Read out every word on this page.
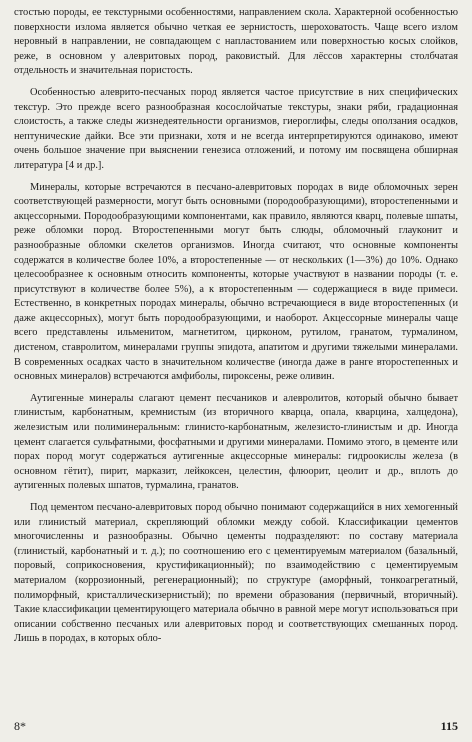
стостью породы, ее текстурными особенностями, направлением скола. Характерной особенностью поверхности излома является обычно четкая ее зернистость, шероховатость. Чаще всего излом неровный в направлении, не совпадающем с напластованием или поверхностью косых слойков, реже, в основном у алевритовых пород, раковистый. Для лёссов характерны столбчатая отдельность и значительная пористость.

Особенностью алеврито-песчаных пород является частое присутствие в них специфических текстур. Это прежде всего разнообразная косослойчатые текстуры, знаки ряби, градационная слоистость, а также следы жизнедеятельности организмов, гиероглифы, следы оползания осадков, нептунические дайки. Все эти признаки, хотя и не всегда интерпретируются одинаково, имеют очень большое значение при выяснении генезиса отложений, и потому им посвящена обширная литература [4 и др.].

Минералы, которые встречаются в песчано-алевритовых породах в виде обломочных зерен соответствующей размерности, могут быть основными (породообразующими), второстепенными и акцессорными. Породообразующими компонентами, как правило, являются кварц, полевые шпаты, реже обломки пород. Второстепенными могут быть слюды, обломочный глауконит и разнообразные обломки скелетов организмов. Иногда считают, что основные компоненты содержатся в количестве более 10%, а второстепенные — от нескольких (1—3%) до 10%. Однако целесообразнее к основным относить компоненты, которые участвуют в названии породы (т. е. присутствуют в количестве более 5%), а к второстепенным — содержащиеся в виде примеси. Естественно, в конкретных породах минералы, обычно встречающиеся в виде второстепенных (и даже акцессорных), могут быть породообразующими, и наоборот. Акцессорные минералы чаще всего представлены ильменитом, магнетитом, цирконом, рутилом, гранатом, турмалином, дистеном, ставролитом, минералами группы эпидота, апатитом и другими тяжелыми минералами. В современных осадках часто в значительном количестве (иногда даже в ранге второстепенных и основных минералов) встречаются амфиболы, пироксены, реже оливин.

Аутигенные минералы слагают цемент песчаников и алевролитов, который обычно бывает глинистым, карбонатным, кремнистым (из вторичного кварца, опала, кварцина, халцедона), железистым или полиминеральным: глинисто-карбонатным, железисто-глинистым и др. Иногда цемент слагается сульфатными, фосфатными и другими минералами. Помимо этого, в цементе или порах пород могут содержаться аутигенные акцессорные минералы: гидроокислы железа (в основном гётит), пирит, марказит, лейкоксен, целестин, флюорит, цеолит и др., вплоть до аутигенных полевых шпатов, турмалина, гранатов.

Под цементом песчано-алевритовых пород обычно понимают содержащийся в них хемогенный или глинистый материал, скрепляющий обломки между собой. Классификации цементов многочисленны и разнообразны. Обычно цементы подразделяют: по составу материала (глинистый, карбонатный и т. д.); по соотношению его с цементируемым материалом (базальный, поровый, соприкосновения, крустификационный); по взаимодействию с цементируемым материалом (коррозионный, регенерационный); по структуре (аморфный, тонкоагрегатный, полиморфный, кристаллическизернистый); по времени образования (первичный, вторичный). Такие классификации цементирующего материала обычно в равной мере могут использоваться при описании собственно песчаных или алевритовых пород и соответствующих смешанных пород. Лишь в породах, в которых обло-

8*	115
